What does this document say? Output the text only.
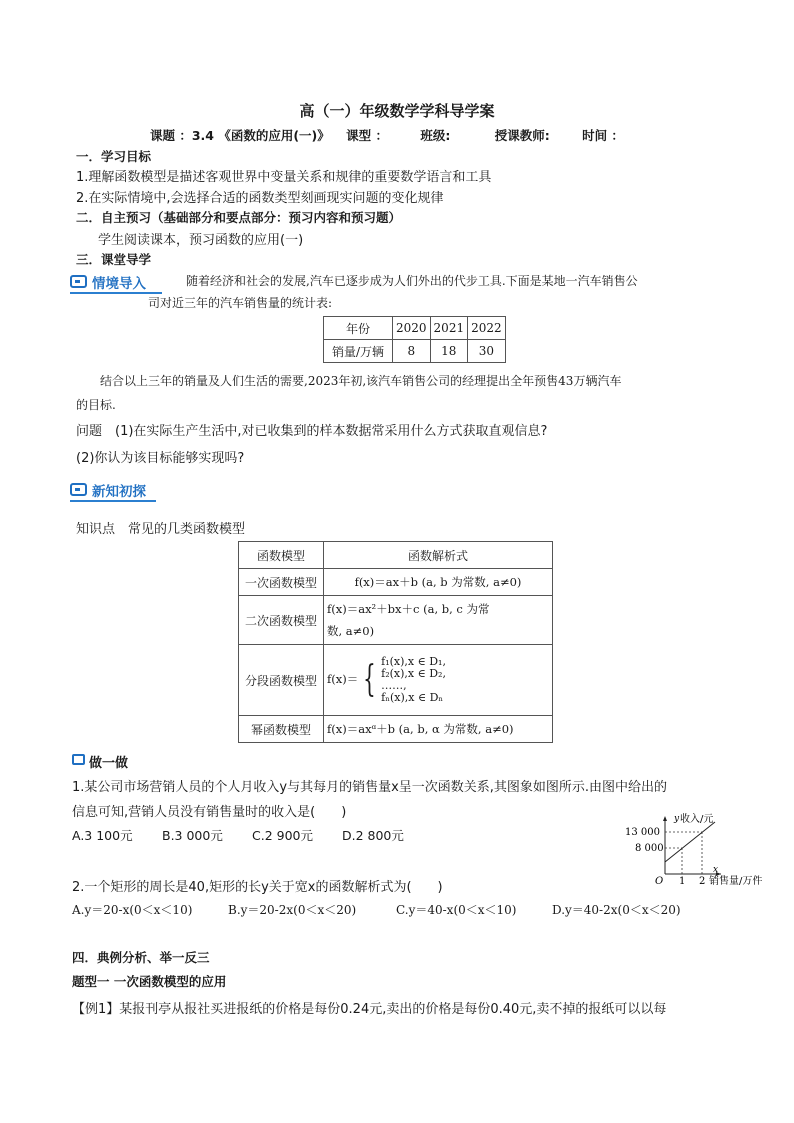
高（一）年级数学学科导学案
课题 ：3.4 《函数的应用(一)》 课型 ：	班级:	授课教师:	时间 ：
一．学习目标
1.理解函数模型是描述客观世界中变量关系和规律的重要数学语言和工具
2.在实际情境中,会选择合适的函数类型刻画现实问题的变化规律
二．自主预习（基础部分和要点部分：预习内容和预习题）
学生阅读课本，预习函数的应用(一)
三．课堂导学
情境导入	随着经济和社会的发展,汽车已逐步成为人们外出的代步工具.下面是某地一汽车销售公
司对近三年的汽车销售量的统计表:
年份	2020	2021	2022
销量/万辆	8	18	30
结合以上三年的销量及人们生活的需要,2023年初,该汽车销售公司的经理提出全年预售43万辆汽车
的目标.
问题　(1)在实际生产生活中,对已收集到的样本数据常采用什么方式获取直观信息?
(2)你认为该目标能够实现吗?
新知初探
知识点　常见的几类函数模型
函数模型	函数解析式
一次函数模型	f(x)＝ax＋b (a, b 为常数, a≠0)
二次函数模型	f(x)＝ax²＋bx＋c (a, b, c 为常
数, a≠0)

分段函数模型	f(x)＝ { f₁(x),x ∈ D₁,
f₂(x),x ∈ D₂,
……,
fₙ(x),x ∈ Dₙ

幂函数模型	f(x)＝axᵅ＋b (a, b, α 为常数, a≠0)
做一做
1.某公司市场营销人员的个人月收入y与其每月的销售量x呈一次函数关系,其图象如图所示.由图中给出的
信息可知,营销人员没有销售量时的收入是(　　)
A.3 100元 B.3 000元 C.2 900元 D.2 800元
y 收入/元
13 000
8 000
O 1 2
x
销售量/万件
2.一个矩形的周长是40,矩形的长y关于宽x的函数解析式为(　　)
A.y＝20-x(0＜x＜10)	B.y＝20-2x(0＜x＜20)	C.y＝40-x(0＜x＜10)	D.y＝40-2x(0＜x＜20)
四．典例分析、举一反三
题型一 一次函数模型的应用
【例1】某报刊亭从报社买进报纸的价格是每份0.24元,卖出的价格是每份0.40元,卖不掉的报纸可以以每
